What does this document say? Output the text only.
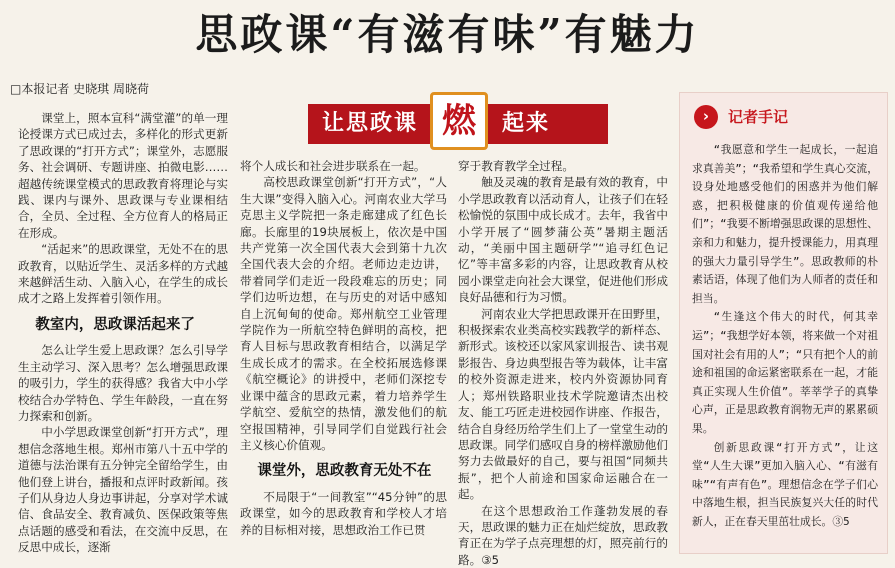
思政课“有滋有味”有魅力
□本报记者 史晓琪 周晓荷
让思政课 燃	起来

课堂上，照本宣科“满堂灌”的单一理论授课方式已成过去，多样化的形式更新了思政课的“打开方式”；课堂外，志愿服务、社会调研、专题讲座、拍微电影……超越传统课堂模式的思政教育将理论与实践、课内与课外、思政课与专业课相结合，全员、全过程、全方位育人的格局正在形成。

“活起来”的思政课堂，无处不在的思政教育，以贴近学生、灵活多样的方式越来越鲜活生动、入脑入心，在学生的成长成才之路上发挥着引领作用。

教室内，思政课活起来了

怎么让学生爱上思政课？怎么引导学生主动学习、深入思考？怎么增强思政课的吸引力，学生的获得感？我省大中小学校结合办学特色、学生年龄段，一直在努力探索和创新。

中小学思政课堂创新“打开方式”，理想信念落地生根。郑州市第八十五中学的道德与法治课有五分钟完全留给学生，由他们登上讲台，播报和点评时政新闻。孩子们从身边人身边事讲起，分享对学术诚信、食品安全、教育减负、医保政策等焦点话题的感受和看法，在交流中反思，在反思中成长，逐渐

将个人成长和社会进步联系在一起。

高校思政课堂创新“打开方式”，“人生大课”变得入脑入心。河南农业大学马克思主义学院把一条走廊建成了红色长廊。长廊里的19块展板上，依次是中国共产党第一次全国代表大会到第十九次全国代表大会的介绍。老师边走边讲，带着同学们走近一段段难忘的历史；同学们边听边想，在与历史的对话中感知自上沉甸甸的使命。郑州航空工业管理学院作为一所航空特色鲜明的高校，把育人目标与思政教育相结合，以满足学生成长成才的需求。在全校拓展选修课《航空概论》的讲授中，老师们深挖专业课中蕴含的思政元素，着力培养学生学航空、爱航空的热情，激发他们的航空报国精神，引导同学们自觉践行社会主义核心价值观。

课堂外，思政教育无处不在

不局限于“一间教室”“45分钟”的思政课堂，如今的思政教育和学校人才培养的目标相对接，思想政治工作已贯

穿于教育教学全过程。

触及灵魂的教育是最有效的教育，中小学思政教育以活动育人，让孩子们在轻松愉悦的氛围中成长成才。去年，我省中小学开展了“圆梦蒲公英”暑期主题活动，“美丽中国主题研学”“追寻红色记忆”等丰富多彩的内容，让思政教育从校园小课堂走向社会大课堂，促进他们形成良好品德和行为习惯。

河南农业大学把思政课开在田野里，积极探索农业类高校实践教学的新样态、新形式。该校还以家风家训报告、读书观影报告、身边典型报告等为载体，让丰富的校外资源走进来，校内外资源协同育人；郑州铁路职业技术学院邀请杰出校友、能工巧匠走进校园作讲座、作报告，结合自身经历给学生们上了一堂堂生动的思政课。同学们感叹自身的榜样激励他们努力去做最好的自己，要与祖国“同频共振”，把个人前途和国家命运融合在一起。

在这个思想政治工作蓬勃发展的春天，思政课的魅力正在灿烂绽放，思政教育正在为学子点亮理想的灯，照亮前行的路。③5

›	记者手记

“我愿意和学生一起成长，一起追求真善美”；“我希望和学生真心交流，设身处地感受他们的困惑并为他们解惑，把积极健康的价值观传递给他们”；“我要不断增强思政课的思想性、亲和力和魅力，提升授课能力，用真理的强大力量引导学生”。思政教师的朴素话语，体现了他们为人师者的责任和担当。

“生逢这个伟大的时代，何其幸运”；“我想学好本领，将来做一个对祖国对社会有用的人”；“只有把个人的前途和祖国的命运紧密联系在一起，才能真正实现人生价值”。莘莘学子的真挚心声，正是思政教育润物无声的累累硕果。

创新思政课“打开方式”，让这堂“人生大课”更加入脑入心、“有滋有味”“有声有色”。理想信念在学子们心中落地生根，担当民族复兴大任的时代新人，正在春天里茁壮成长。③5
